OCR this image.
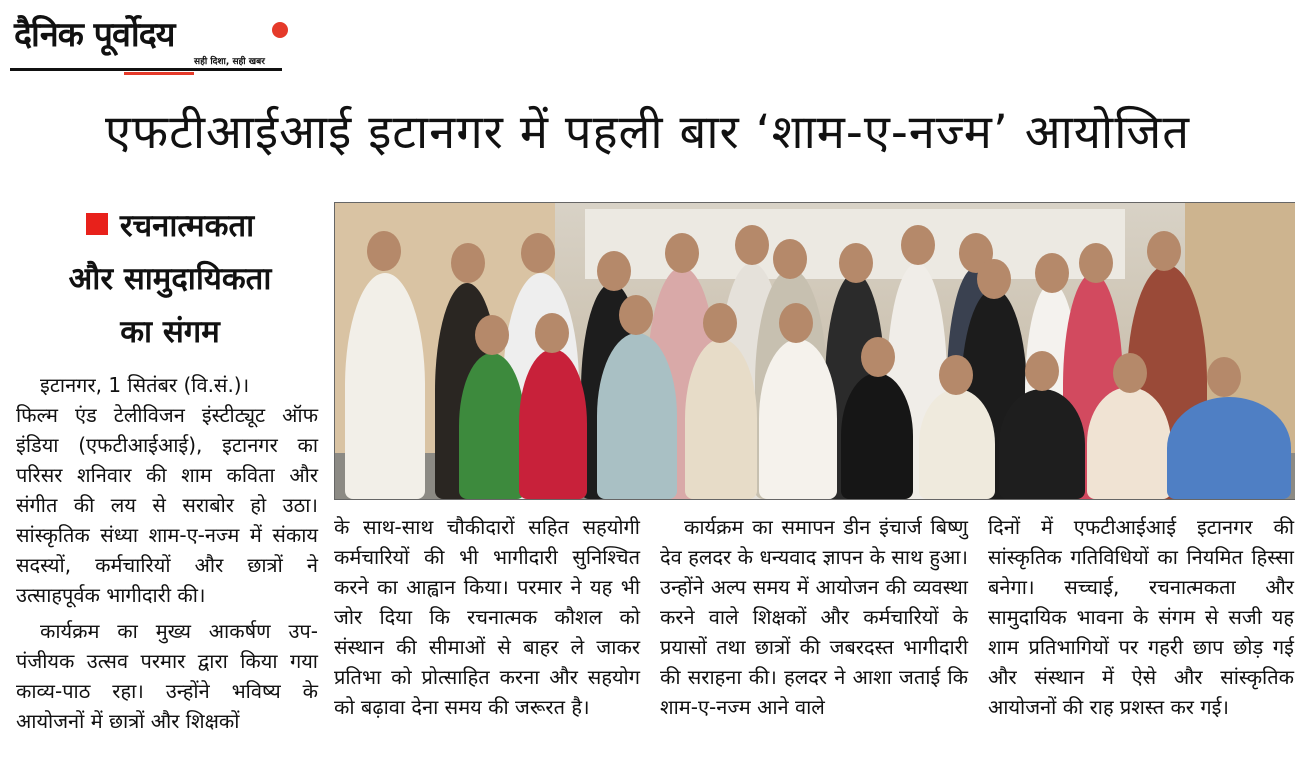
दैनिक पूर्वोदय
सही दिशा, सही खबर
एफटीआईआई इटानगर में पहली बार ‘शाम-ए-नज्म’ आयोजित
रचनात्मकता
और सामुदायिकता
का संगम

इटानगर, 1 सितंबर (वि.सं.)।

फिल्म एंड टेलीविजन इंस्टीट्यूट ऑफ इंडिया (एफटीआईआई), इटानगर का परिसर शनिवार की शाम कविता और संगीत की लय से सराबोर हो उठा। सांस्कृतिक संध्या शाम-ए-नज्म में संकाय सदस्यों, कर्मचारियों और छात्रों ने उत्साहपूर्वक भागीदारी की।

कार्यक्रम का मुख्य आकर्षण उप-पंजीयक उत्सव परमार द्वारा किया गया काव्य-पाठ रहा। उन्होंने भविष्य के आयोजनों में छात्रों और शिक्षकों

के साथ-साथ चौकीदारों सहित सहयोगी कर्मचारियों की भी भागीदारी सुनिश्चित करने का आह्वान किया। परमार ने यह भी जोर दिया कि रचनात्मक कौशल को संस्थान की सीमाओं से बाहर ले जाकर प्रतिभा को प्रोत्साहित करना और सहयोग को बढ़ावा देना समय की जरूरत है।

कार्यक्रम का समापन डीन इंचार्ज बिष्णु देव हलदर के धन्यवाद ज्ञापन के साथ हुआ। उन्होंने अल्प समय में आयोजन की व्यवस्था करने वाले शिक्षकों और कर्मचारियों के प्रयासों तथा छात्रों की जबरदस्त भागीदारी की सराहना की। हलदर ने आशा जताई कि शाम-ए-नज्म आने वाले

दिनों में एफटीआईआई इटानगर की सांस्कृतिक गतिविधियों का नियमित हिस्सा बनेगा। सच्चाई, रचनात्मकता और सामुदायिक भावना के संगम से सजी यह शाम प्रतिभागियों पर गहरी छाप छोड़ गई और संस्थान में ऐसे और सांस्कृतिक आयोजनों की राह प्रशस्त कर गई।
